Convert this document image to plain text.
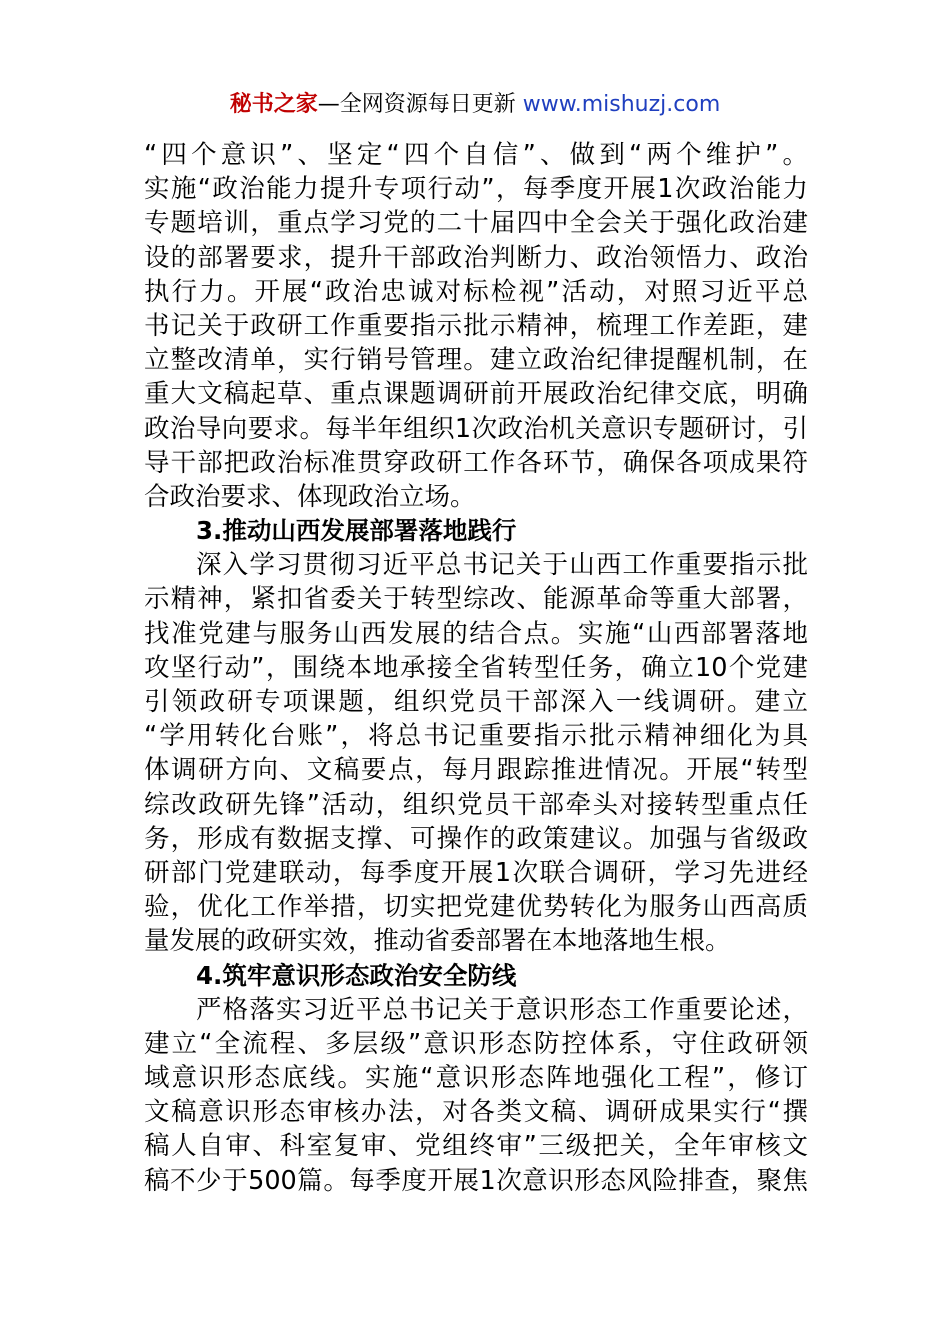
秘书之家—全网资源每日更新 www.mishuzj.com
“四个意识”、坚定“四个自信”、做到“两个维护”。
实施“政治能力提升专项行动”，每季度开展1次政治能力
专题培训，重点学习党的二十届四中全会关于强化政治建
设的部署要求，提升干部政治判断力、政治领悟力、政治
执行力。开展“政治忠诚对标检视”活动，对照习近平总
书记关于政研工作重要指示批示精神，梳理工作差距，建
立整改清单，实行销号管理。建立政治纪律提醒机制，在
重大文稿起草、重点课题调研前开展政治纪律交底，明确
政治导向要求。每半年组织1次政治机关意识专题研讨，引
导干部把政治标准贯穿政研工作各环节，确保各项成果符
合政治要求、体现政治立场。
3.推动山西发展部署落地践行
深入学习贯彻习近平总书记关于山西工作重要指示批
示精神，紧扣省委关于转型综改、能源革命等重大部署，
找准党建与服务山西发展的结合点。实施“山西部署落地
攻坚行动”，围绕本地承接全省转型任务，确立10个党建
引领政研专项课题，组织党员干部深入一线调研。建立
“学用转化台账”，将总书记重要指示批示精神细化为具
体调研方向、文稿要点，每月跟踪推进情况。开展“转型
综改政研先锋”活动，组织党员干部牵头对接转型重点任
务，形成有数据支撑、可操作的政策建议。加强与省级政
研部门党建联动，每季度开展1次联合调研，学习先进经
验，优化工作举措，切实把党建优势转化为服务山西高质
量发展的政研实效，推动省委部署在本地落地生根。
4.筑牢意识形态政治安全防线
严格落实习近平总书记关于意识形态工作重要论述，
建立“全流程、多层级”意识形态防控体系，守住政研领
域意识形态底线。实施“意识形态阵地强化工程”，修订
文稿意识形态审核办法，对各类文稿、调研成果实行“撰
稿人自审、科室复审、党组终审”三级把关，全年审核文
稿不少于500篇。每季度开展1次意识形态风险排查，聚焦
